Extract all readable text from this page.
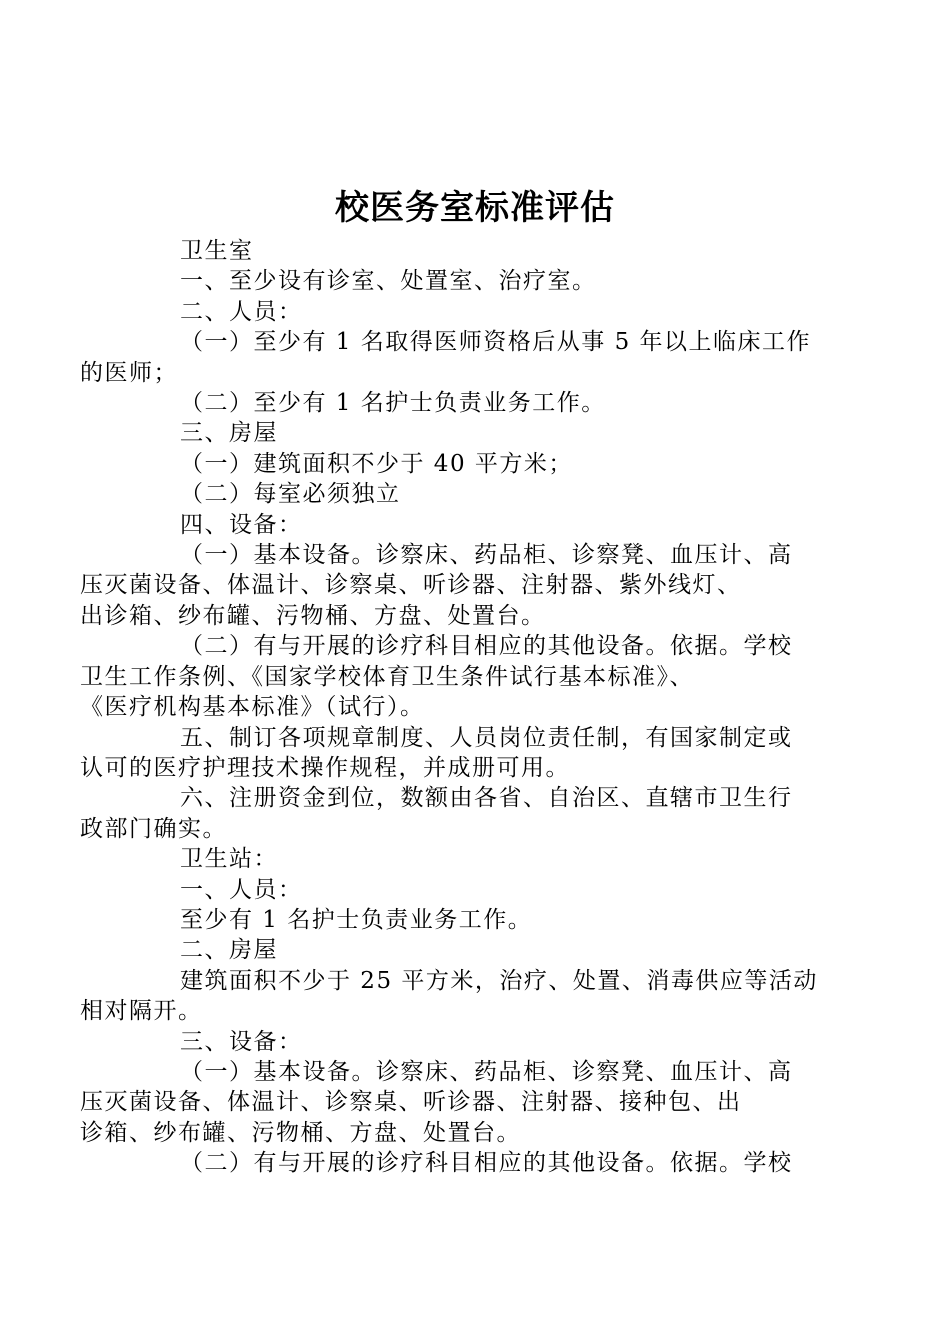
校医务室标准评估
卫生室
一、至少设有诊室、处置室、治疗室。
二、人员：
（一）至少有 1 名取得医师资格后从事 5 年以上临床工作
的医师；
（二）至少有 1 名护士负责业务工作。
三、房屋
（一）建筑面积不少于 40 平方米；
（二）每室必须独立
四、设备：
（一）基本设备。诊察床、药品柜、诊察凳、血压计、高
压灭菌设备、体温计、诊察桌、听诊器、注射器、紫外线灯、
出诊箱、纱布罐、污物桶、方盘、处置台。
（二）有与开展的诊疗科目相应的其他设备。依据。学校
卫生工作条例、《国家学校体育卫生条件试行基本标准》、
《医疗机构基本标准》（试行）。
五、制订各项规章制度、人员岗位责任制，有国家制定或
认可的医疗护理技术操作规程，并成册可用。
六、注册资金到位，数额由各省、自治区、直辖市卫生行
政部门确实。
卫生站：
一、人员：
至少有 1 名护士负责业务工作。
二、房屋
建筑面积不少于 25 平方米，治疗、处置、消毒供应等活动
相对隔开。
三、设备：
（一）基本设备。诊察床、药品柜、诊察凳、血压计、高
压灭菌设备、体温计、诊察桌、听诊器、注射器、接种包、出
诊箱、纱布罐、污物桶、方盘、处置台。
（二）有与开展的诊疗科目相应的其他设备。依据。学校
